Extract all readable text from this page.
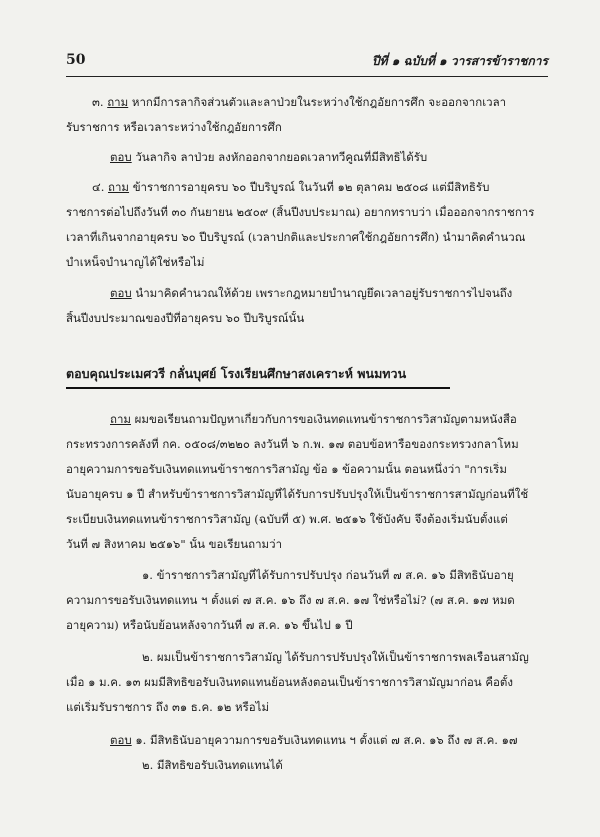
50	ปีที่ ๑ ฉบับที่ ๑ วารสารข้าราชการ
๓. ถาม หากมีการลากิจส่วนตัวและลาป่วยในระหว่างใช้กฎอัยการศึก จะออกจากเวลา
รับราชการ หรือเวลาระหว่างใช้กฎอัยการศึก
ตอบ วันลากิจ ลาป่วย ลงหักออกจากยอดเวลาทวีคูณที่มีสิทธิได้รับ
๔. ถาม ข้าราชการอายุครบ ๖๐ ปีบริบูรณ์ ในวันที่ ๑๒ ตุลาคม ๒๕๐๘ แต่มีสิทธิรับ
ราชการต่อไปถึงวันที่ ๓๐ กันยายน ๒๕๐๙ (สิ้นปีงบประมาณ) อยากทราบว่า เมื่อออกจากราชการ
เวลาที่เกินจากอายุครบ ๖๐ ปีบริบูรณ์ (เวลาปกติและประกาศใช้กฎอัยการศึก) นำมาคิดคำนวณ
บำเหน็จบำนาญได้ใช่หรือไม่
ตอบ นำมาคิดคำนวณให้ด้วย เพราะกฎหมายบำนาญยึดเวลาอยู่รับราชการไปจนถึง
สิ้นปีงบประมาณของปีที่อายุครบ ๖๐ ปีบริบูรณ์นั้น
ตอบคุณประเมศวรี กลั่นบุศย์ โรงเรียนศึกษาสงเคราะห์ พนมทวน
ถาม ผมขอเรียนถามปัญหาเกี่ยวกับการขอเงินทดแทนข้าราชการวิสามัญตามหนังสือ
กระทรวงการคลังที่ กค. ๐๕๐๘/๓๒๒๐ ลงวันที่ ๖ ก.พ. ๑๗ ตอบข้อหารือของกระทรวงกลาโหม
อายุความการขอรับเงินทดแทนข้าราชการวิสามัญ ข้อ ๑ ข้อความนั้น ตอนหนึ่งว่า "การเริ่ม
นับอายุครบ ๑ ปี สำหรับข้าราชการวิสามัญที่ได้รับการปรับปรุงให้เป็นข้าราชการสามัญก่อนที่ใช้
ระเบียบเงินทดแทนข้าราชการวิสามัญ (ฉบับที่ ๕) พ.ศ. ๒๕๑๖ ใช้บังคับ จึงต้องเริ่มนับตั้งแต่
วันที่ ๗ สิงหาคม ๒๕๑๖" นั้น ขอเรียนถามว่า
๑. ข้าราชการวิสามัญที่ได้รับการปรับปรุง ก่อนวันที่ ๗ ส.ค. ๑๖ มีสิทธินับอายุ
ความการขอรับเงินทดแทน ฯ ตั้งแต่ ๗ ส.ค. ๑๖ ถึง ๗ ส.ค. ๑๗ ใช่หรือไม่? (๗ ส.ค. ๑๗ หมด
อายุความ) หรือนับย้อนหลังจากวันที่ ๗ ส.ค. ๑๖ ขึ้นไป ๑ ปี
๒. ผมเป็นข้าราชการวิสามัญ ได้รับการปรับปรุงให้เป็นข้าราชการพลเรือนสามัญ
เมื่อ ๑ ม.ค. ๑๓ ผมมีสิทธิขอรับเงินทดแทนย้อนหลังตอนเป็นข้าราชการวิสามัญมาก่อน คือตั้ง
แต่เริ่มรับราชการ ถึง ๓๑ ธ.ค. ๑๒ หรือไม่
ตอบ ๑. มีสิทธินับอายุความการขอรับเงินทดแทน ฯ ตั้งแต่ ๗ ส.ค. ๑๖ ถึง ๗ ส.ค. ๑๗
๒. มีสิทธิขอรับเงินทดแทนได้
